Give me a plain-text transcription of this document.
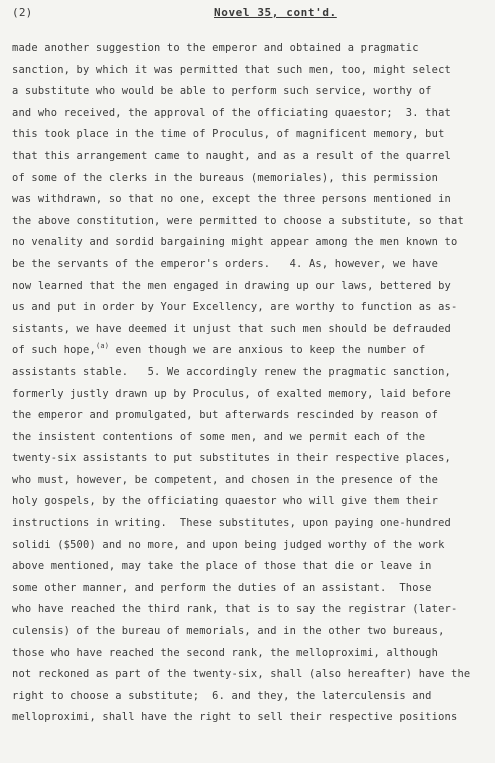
(2)	Novel 35, cont'd.
made another suggestion to the emperor and obtained a pragmatic
sanction, by which it was permitted that such men, too, might select
a substitute who would be able to perform such service, worthy of
and who received, the approval of the officiating quaestor;  3. that
this took place in the time of Proculus, of magnificent memory, but
that this arrangement came to naught, and as a result of the quarrel
of some of the clerks in the bureaus (memoriales), this permission
was withdrawn, so that no one, except the three persons mentioned in
the above constitution, were permitted to choose a substitute, so that
no venality and sordid bargaining might appear among the men known to
be the servants of the emperor's orders.   4. As, however, we have
now learned that the men engaged in drawing up our laws, bettered by
us and put in order by Your Excellency, are worthy to function as as-
sistants, we have deemed it unjust that such men should be defrauded
of such hope,$^{(a)}$ even though we are anxious to keep the number of
assistants stable.   5. We accordingly renew the pragmatic sanction,
formerly justly drawn up by Proculus, of exalted memory, laid before
the emperor and promulgated, but afterwards rescinded by reason of
the insistent contentions of some men, and we permit each of the
twenty-six assistants to put substitutes in their respective places,
who must, however, be competent, and chosen in the presence of the
holy gospels, by the officiating quaestor who will give them their
instructions in writing.  These substitutes, upon paying one-hundred
solidi ($500) and no more, and upon being judged worthy of the work
above mentioned, may take the place of those that die or leave in
some other manner, and perform the duties of an assistant.  Those
who have reached the third rank, that is to say the registrar (later-
culensis) of the bureau of memorials, and in the other two bureaus,
those who have reached the second rank, the melloproximi, although
not reckoned as part of the twenty-six, shall (also hereafter) have the
right to choose a substitute;  6. and they, the laterculensis and
melloproximi, shall have the right to sell their respective positions
